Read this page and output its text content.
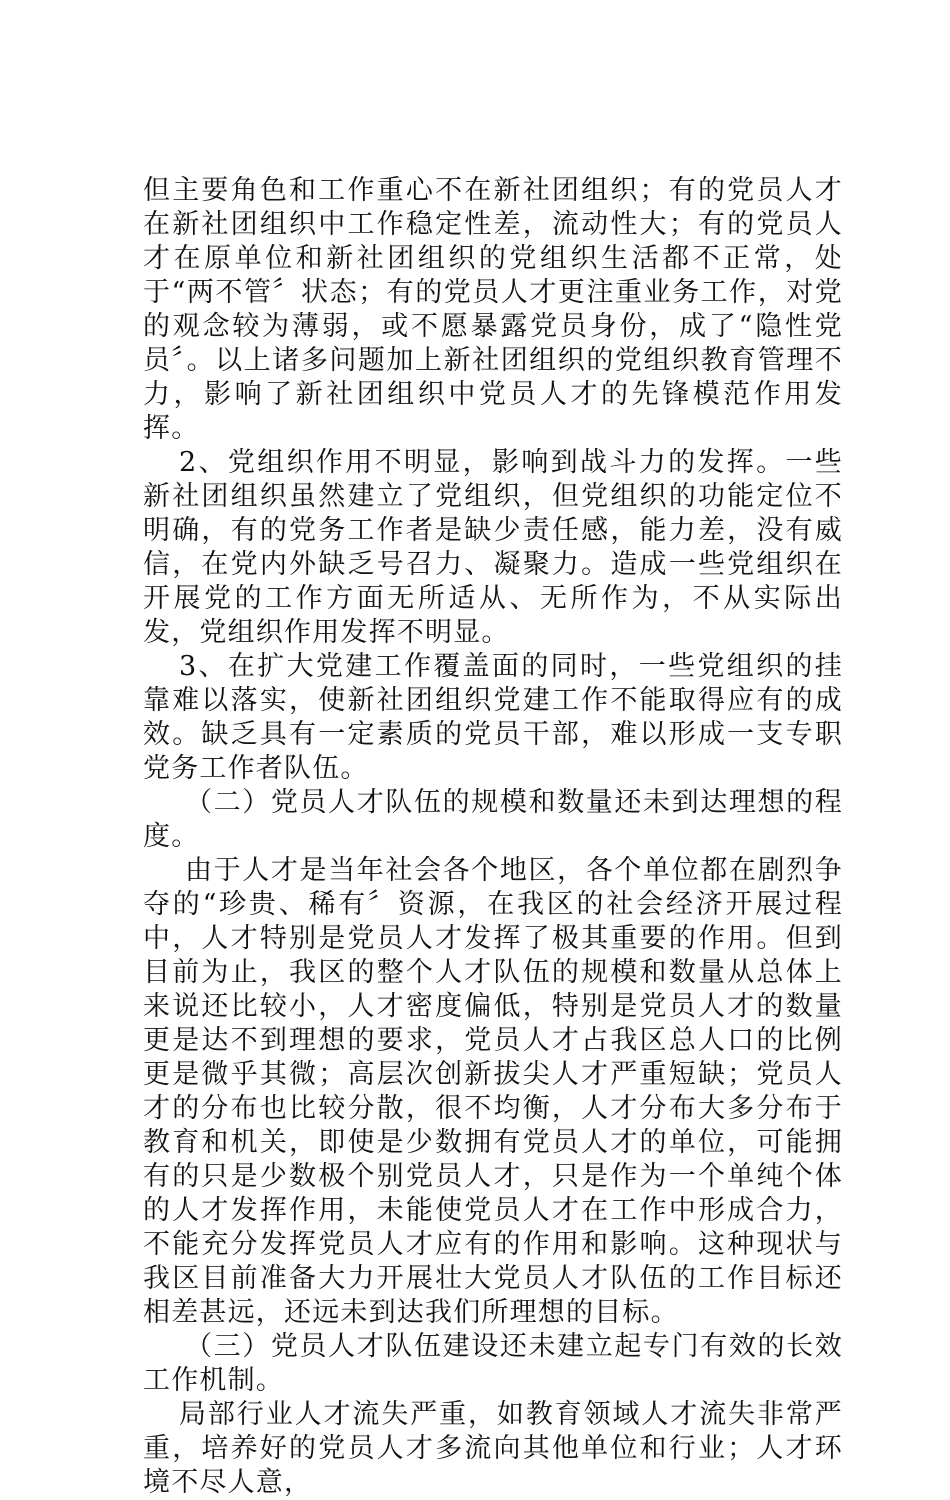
但主要角色和工作重心不在新社团组织；有的党员人才在新社团组织中工作稳定性差，流动性大；有的党员人才在原单位和新社团组织的党组织生活都不正常，处于“两不管〞状态；有的党员人才更注重业务工作，对党的观念较为薄弱，或不愿暴露党员身份，成了“隐性党员〞。以上诸多问题加上新社团组织的党组织教育管理不力，影响了新社团组织中党员人才的先锋模范作用发挥。

2、党组织作用不明显，影响到战斗力的发挥。一些新社团组织虽然建立了党组织，但党组织的功能定位不明确，有的党务工作者是缺少责任感，能力差，没有威信，在党内外缺乏号召力、凝聚力。造成一些党组织在开展党的工作方面无所适从、无所作为，不从实际出发，党组织作用发挥不明显。

3、在扩大党建工作覆盖面的同时，一些党组织的挂靠难以落实，使新社团组织党建工作不能取得应有的成效。缺乏具有一定素质的党员干部，难以形成一支专职党务工作者队伍。

（二）党员人才队伍的规模和数量还未到达理想的程度。

由于人才是当年社会各个地区，各个单位都在剧烈争夺的“珍贵、稀有〞资源，在我区的社会经济开展过程中，人才特别是党员人才发挥了极其重要的作用。但到目前为止，我区的整个人才队伍的规模和数量从总体上来说还比较小，人才密度偏低，特别是党员人才的数量更是达不到理想的要求，党员人才占我区总人口的比例更是微乎其微；高层次创新拔尖人才严重短缺；党员人才的分布也比较分散，很不均衡，人才分布大多分布于教育和机关，即使是少数拥有党员人才的单位，可能拥有的只是少数极个别党员人才，只是作为一个单纯个体的人才发挥作用，未能使党员人才在工作中形成合力，不能充分发挥党员人才应有的作用和影响。这种现状与我区目前准备大力开展壮大党员人才队伍的工作目标还相差甚远，还远未到达我们所理想的目标。

（三）党员人才队伍建设还未建立起专门有效的长效工作机制。

局部行业人才流失严重，如教育领域人才流失非常严重，培养好的党员人才多流向其他单位和行业；人才环境不尽人意，
